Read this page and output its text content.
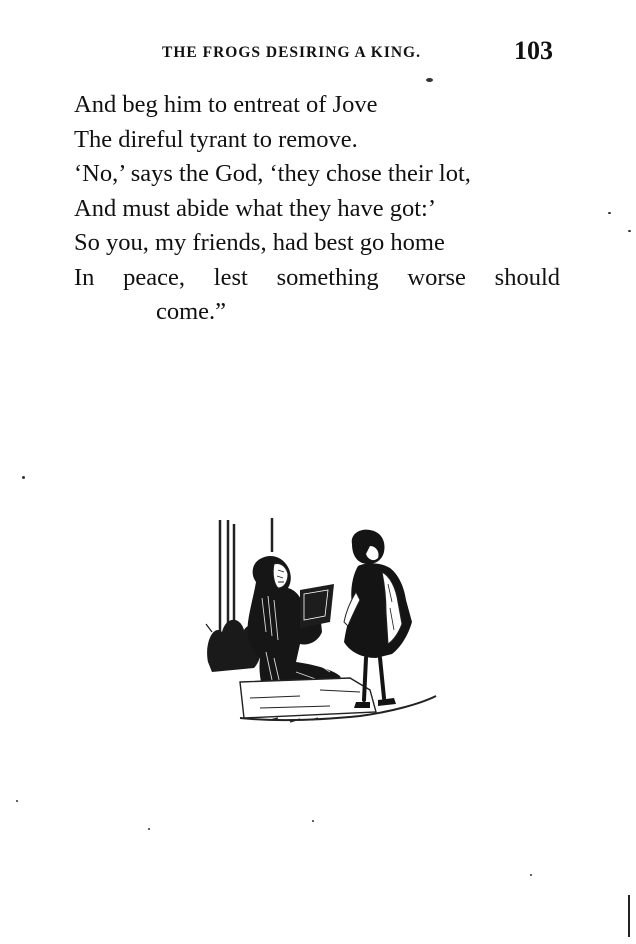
THE FROGS DESIRING A KING.	103
And beg him to entreat of Jove
The direful tyrant to remove.
‘No,’ says the God, ‘they chose their lot,
And must abide what they have got:’
So you, my friends, had best go home
In peace, lest something worse should
come.”
